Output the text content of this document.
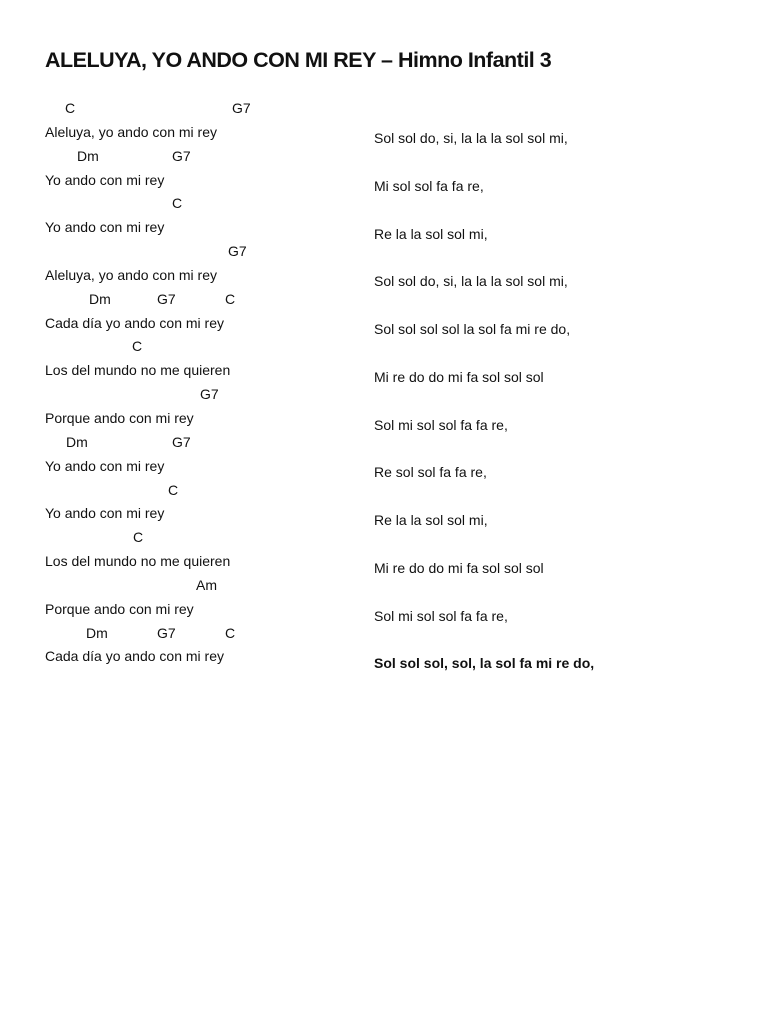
ALELUYA, YO ANDO CON MI REY – Himno Infantil 3
C	G7
Aleluya, yo ando con mi rey
Dm	G7
Yo ando con mi rey
C
Yo ando con mi rey
G7
Aleluya, yo ando con mi rey
Dm	G7	C
Cada día yo ando con mi rey
C
Los del mundo no me quieren
G7
Porque ando con mi rey
Dm	G7
Yo ando con mi rey
C
Yo ando con mi rey
C
Los del mundo no me quieren
Am
Porque ando con mi rey
Dm	G7	C
Cada día yo ando con mi rey
Sol sol do, si, la la la sol sol mi,
Mi sol sol fa fa re,
Re la la sol sol mi,
Sol sol do, si, la la la sol sol mi,
Sol sol sol sol la sol fa mi re do,
Mi re do do mi fa sol sol sol
Sol mi sol sol fa fa re,
Re sol sol fa fa re,
Re la la sol sol mi,
Mi re do do mi fa sol sol sol
Sol mi sol sol fa fa re,
Sol sol sol, sol, la sol fa mi re do,
